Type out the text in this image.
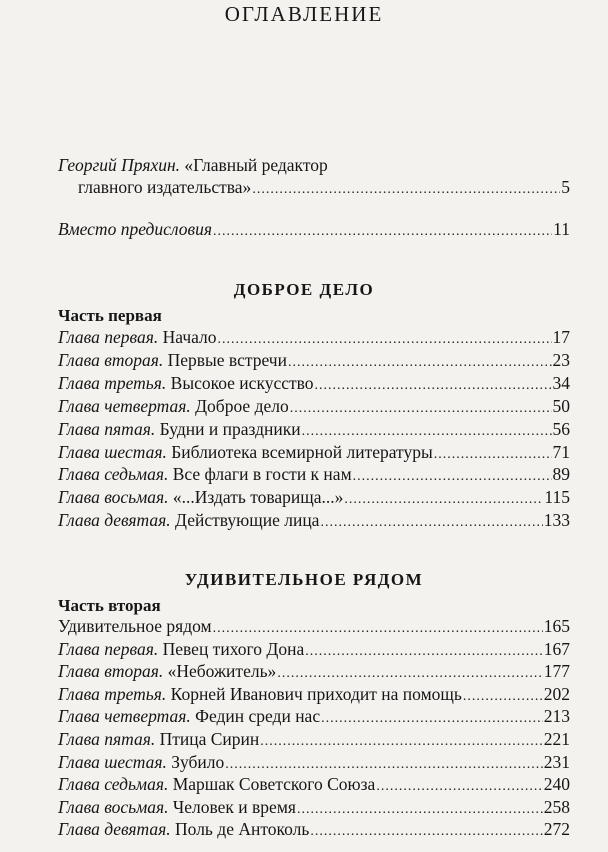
ОГЛАВЛЕНИЕ
Георгий Пряхин. «Главный редактор
главного издательства» .....	5
Вместо предисловия .....	11
ДОБРОЕ ДЕЛО
Часть первая
Глава первая. Начало .....	17
Глава вторая. Первые встречи .....	23
Глава третья. Высокое искусство .....	34
Глава четвертая. Доброе дело .....	50
Глава пятая. Будни и праздники .....	56
Глава шестая. Библиотека всемирной литературы .....	71
Глава седьмая. Все флаги в гости к нам .....	89
Глава восьмая. «...Издать товарища...» .....	115
Глава девятая. Действующие лица .....	133
УДИВИТЕЛЬНОЕ РЯДОМ
Часть вторая
Удивительное рядом .....	165
Глава первая. Певец тихого Дона .....	167
Глава вторая. «Небожитель» .....	177
Глава третья. Корней Иванович приходит на помощь .....	202
Глава четвертая. Федин среди нас .....	213
Глава пятая. Птица Сирин .....	221
Глава шестая. Зубило .....	231
Глава седьмая. Маршак Советского Союза .....	240
Глава восьмая. Человек и время .....	258
Глава девятая. Поль де Антоколь .....	272
